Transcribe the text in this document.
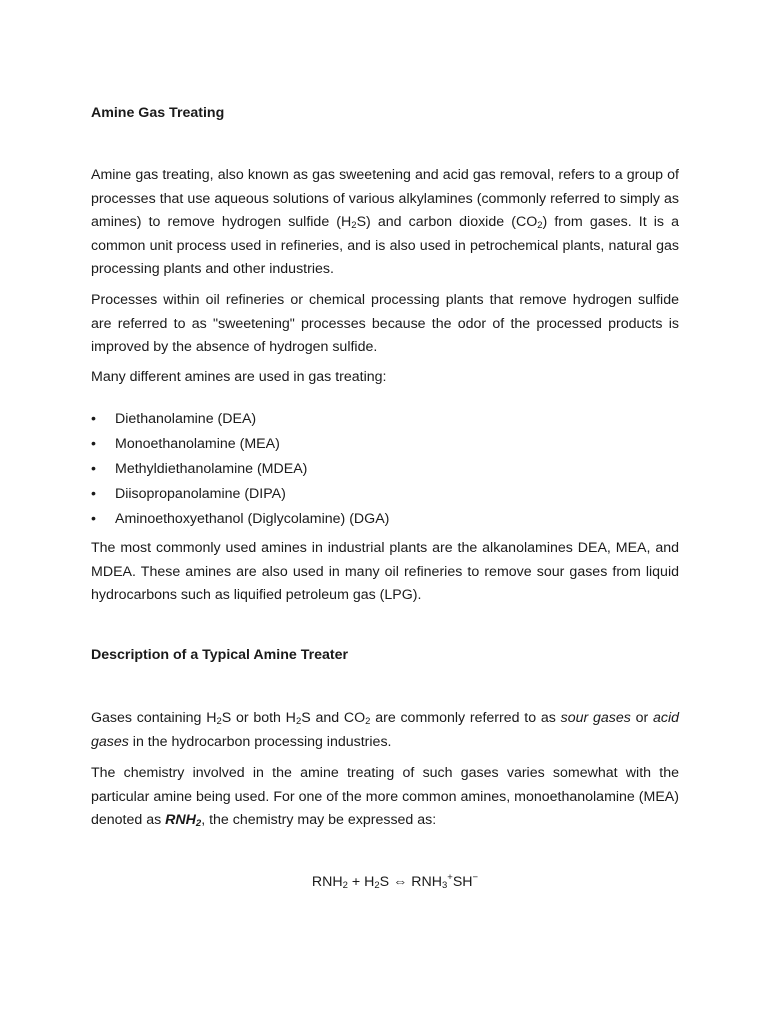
Amine Gas Treating

Amine gas treating, also known as gas sweetening and acid gas removal, refers to a group of processes that use aqueous solutions of various alkylamines (commonly referred to simply as amines) to remove hydrogen sulfide $(H_2S)$ and carbon dioxide $(CO_2)$ from gases. It is a common unit process used in refineries, and is also used in petrochemical plants, natural gas processing plants and other industries.

Processes within oil refineries or chemical processing plants that remove hydrogen sulfide are referred to as "sweetening" processes because the odor of the processed products is improved by the absence of hydrogen sulfide.

Many different amines are used in gas treating:

• Diethanolamine (DEA)
• Monoethanolamine (MEA)
• Methyldiethanolamine (MDEA)
• Diisopropanolamine (DIPA)
• Aminoethoxyethanol (Diglycolamine) (DGA)

The most commonly used amines in industrial plants are the alkanolamines DEA, MEA, and MDEA. These amines are also used in many oil refineries to remove sour gases from liquid hydrocarbons such as liquified petroleum gas (LPG).

Description of a Typical Amine Treater

Gases containing $H_2S$ or both $H_2S$ and $CO_2$ are commonly referred to as sour gases or acid gases in the hydrocarbon processing industries.

The chemistry involved in the amine treating of such gases varies somewhat with the particular amine being used. For one of the more common amines, monoethanolamine (MEA) denoted as $RNH_2$, the chemistry may be expressed as:

$RNH_2 + H_2S$ ⇔ $RNH_3^+SH^-$
